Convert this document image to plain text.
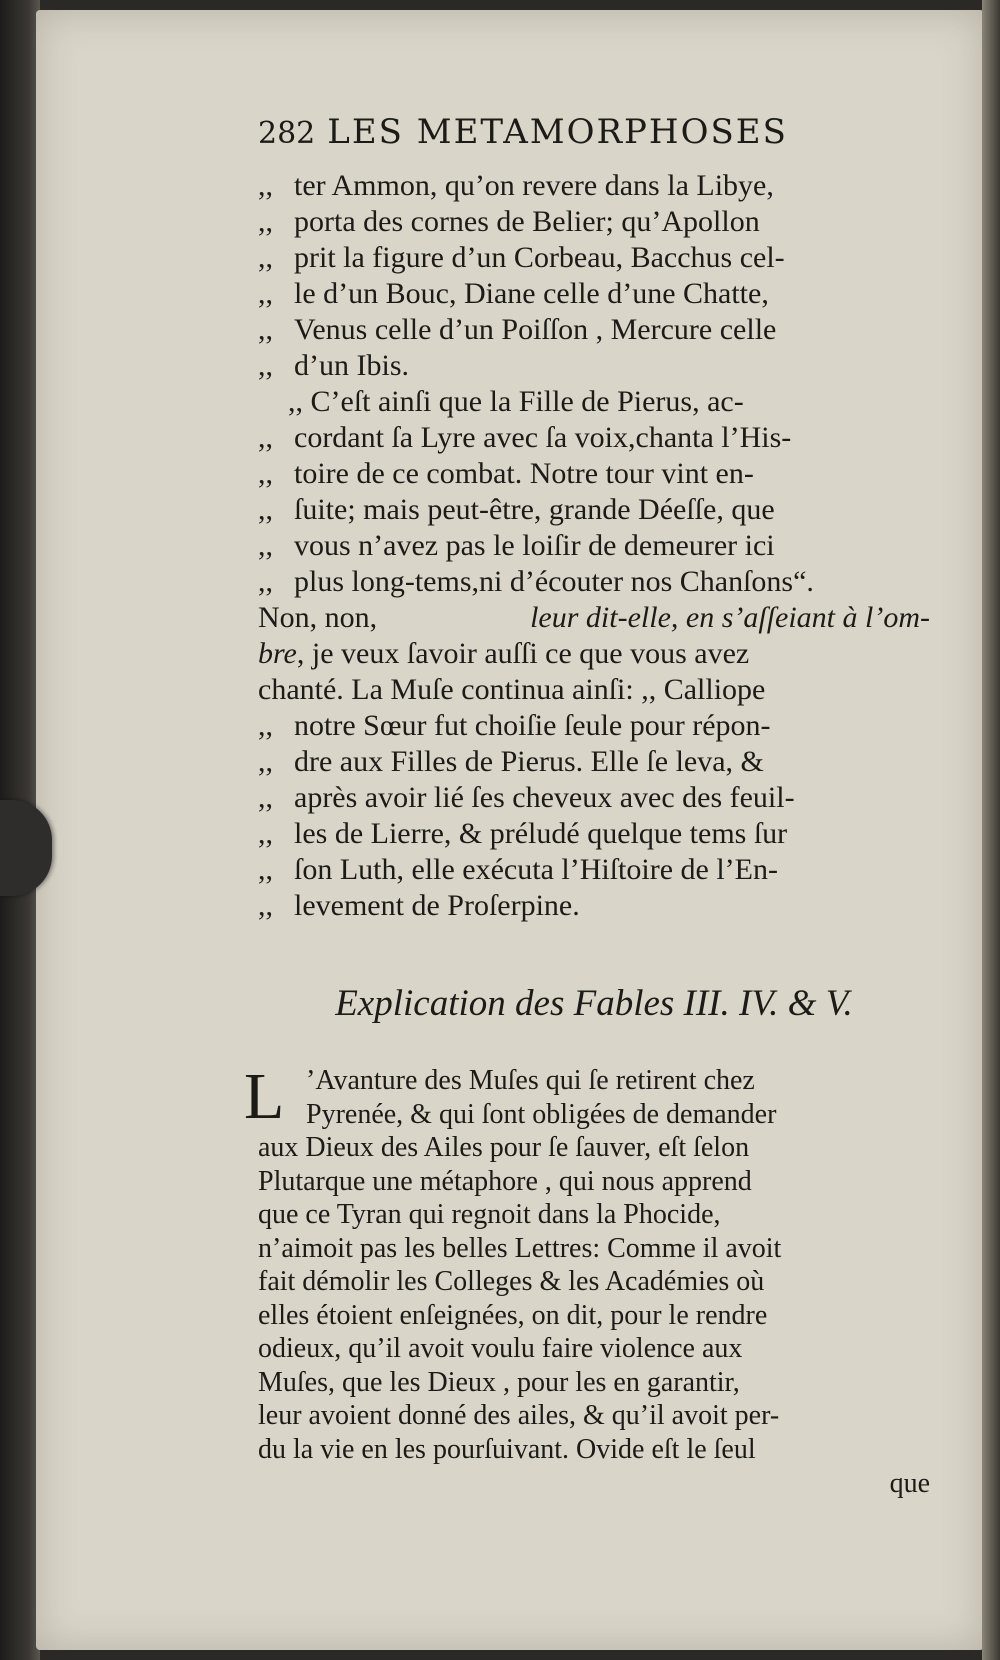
282 LES METAMORPHOSES
,, ter Ammon, qu’on revere dans la Libye,
,, porta des cornes de Belier; qu’Apollon
,, prit la figure d’un Corbeau, Bacchus cel-
,, le d’un Bouc, Diane celle d’une Chatte,
,, Venus celle d’un Poiſſon , Mercure celle
,, d’un Ibis.
,, C’eſt ainſi que la Fille de Pierus, ac-
,, cordant ſa Lyre avec ſa voix,chanta l’His-
,, toire de ce combat. Notre tour vint en-
,, ſuite; mais peut-être, grande Déeſſe, que
,, vous n’avez pas le loiſir de demeurer ici
,, plus long-tems,ni d’écouter nos Chanſons“.
Non, non,	leur dit-elle, en s’aſſeiant à l’om-
bre , je veux ſavoir auſſi ce que vous avez
chanté. La Muſe continua ainſi: ,, Calliope
,, notre Sœur fut choiſie ſeule pour répon-
,, dre aux Filles de Pierus. Elle ſe leva, &
,, après avoir lié ſes cheveux avec des feuil-
,, les de Lierre, & préludé quelque tems ſur
,, ſon Luth, elle exécuta l’Hiſtoire de l’En-
,, levement de Proſerpine.
Explication des Fables III. IV. & V.
L ’Avanture des Muſes qui ſe retirent chez
Pyrenée, & qui ſont obligées de demander
aux Dieux des Ailes pour ſe ſauver, eſt ſelon
Plutarque une métaphore , qui nous apprend
que ce Tyran qui regnoit dans la Phocide,
n’aimoit pas les belles Lettres: Comme il avoit
fait démolir les Colleges & les Académies où
elles étoient enſeignées, on dit, pour le rendre
odieux, qu’il avoit voulu faire violence aux
Muſes, que les Dieux , pour les en garantir,
leur avoient donné des ailes, & qu’il avoit per-
du la vie en les pourſuivant. Ovide eſt le ſeul
que
